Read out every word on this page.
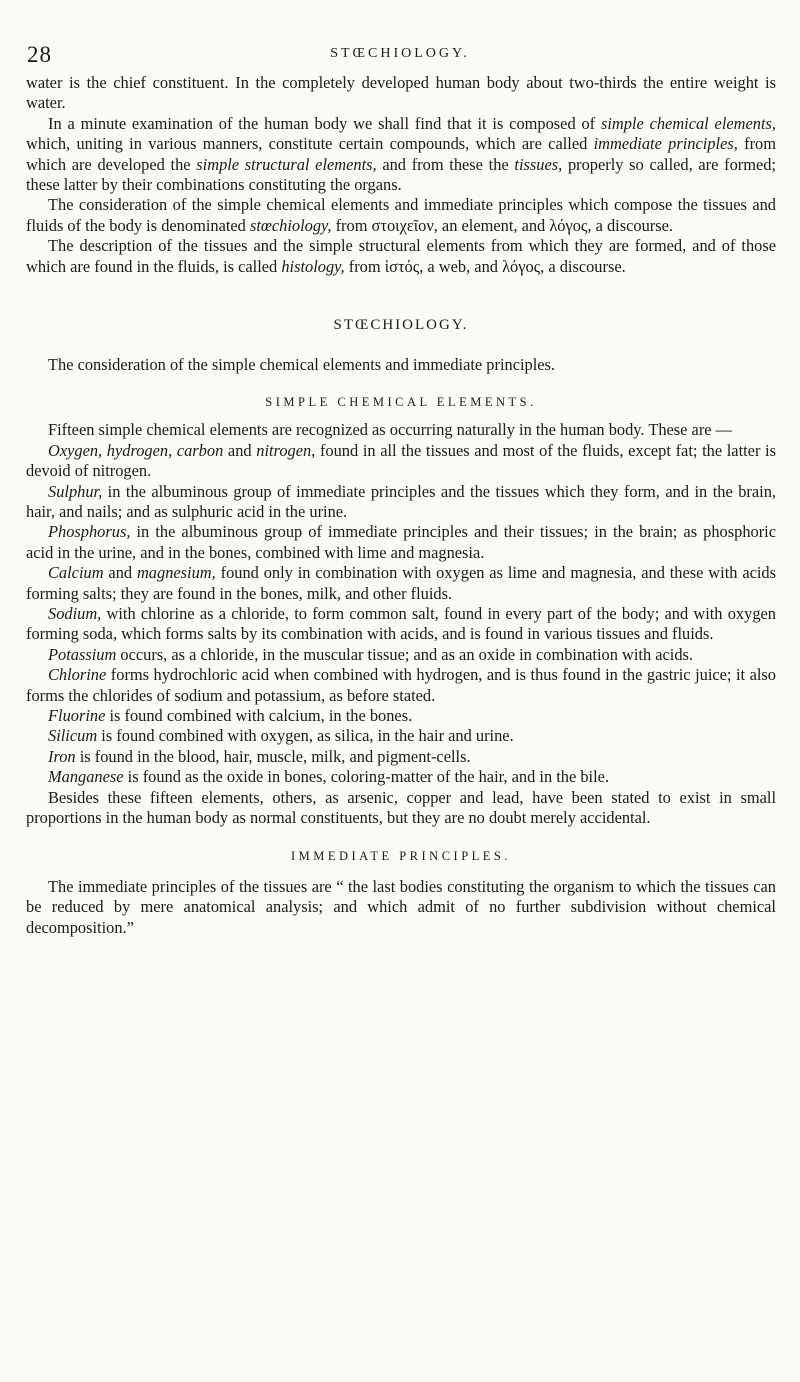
28	STŒCHIOLOGY.

water is the chief constituent. In the completely developed human body about two-thirds the entire weight is water.

In a minute examination of the human body we shall find that it is composed of simple chemical elements, which, uniting in various manners, constitute certain compounds, which are called immediate principles, from which are developed the simple structural elements, and from these the tissues, properly so called, are formed; these latter by their combinations constituting the organs.

The consideration of the simple chemical elements and immediate principles which compose the tissues and fluids of the body is denominated stœchiology, from στοιχεῖον, an element, and λόγος, a discourse.

The description of the tissues and the simple structural elements from which they are formed, and of those which are found in the fluids, is called histology, from ἱστός, a web, and λόγος, a discourse.

STŒCHIOLOGY.

The consideration of the simple chemical elements and immediate principles.

SIMPLE CHEMICAL ELEMENTS.

Fifteen simple chemical elements are recognized as occurring naturally in the human body. These are —

Oxygen, hydrogen, carbon and nitrogen, found in all the tissues and most of the fluids, except fat; the latter is devoid of nitrogen.

Sulphur, in the albuminous group of immediate principles and the tissues which they form, and in the brain, hair, and nails; and as sulphuric acid in the urine.

Phosphorus, in the albuminous group of immediate principles and their tissues; in the brain; as phosphoric acid in the urine, and in the bones, combined with lime and magnesia.

Calcium and magnesium, found only in combination with oxygen as lime and magnesia, and these with acids forming salts; they are found in the bones, milk, and other fluids.

Sodium, with chlorine as a chloride, to form common salt, found in every part of the body; and with oxygen forming soda, which forms salts by its combination with acids, and is found in various tissues and fluids.

Potassium occurs, as a chloride, in the muscular tissue; and as an oxide in combination with acids.

Chlorine forms hydrochloric acid when combined with hydrogen, and is thus found in the gastric juice; it also forms the chlorides of sodium and potassium, as before stated.

Fluorine is found combined with calcium, in the bones.

Silicum is found combined with oxygen, as silica, in the hair and urine.

Iron is found in the blood, hair, muscle, milk, and pigment-cells.

Manganese is found as the oxide in bones, coloring-matter of the hair, and in the bile.

Besides these fifteen elements, others, as arsenic, copper and lead, have been stated to exist in small proportions in the human body as normal constituents, but they are no doubt merely accidental.

IMMEDIATE PRINCIPLES.

The immediate principles of the tissues are “ the last bodies constituting the organism to which the tissues can be reduced by mere anatomical analysis; and which admit of no further subdivision without chemical decomposition.”
